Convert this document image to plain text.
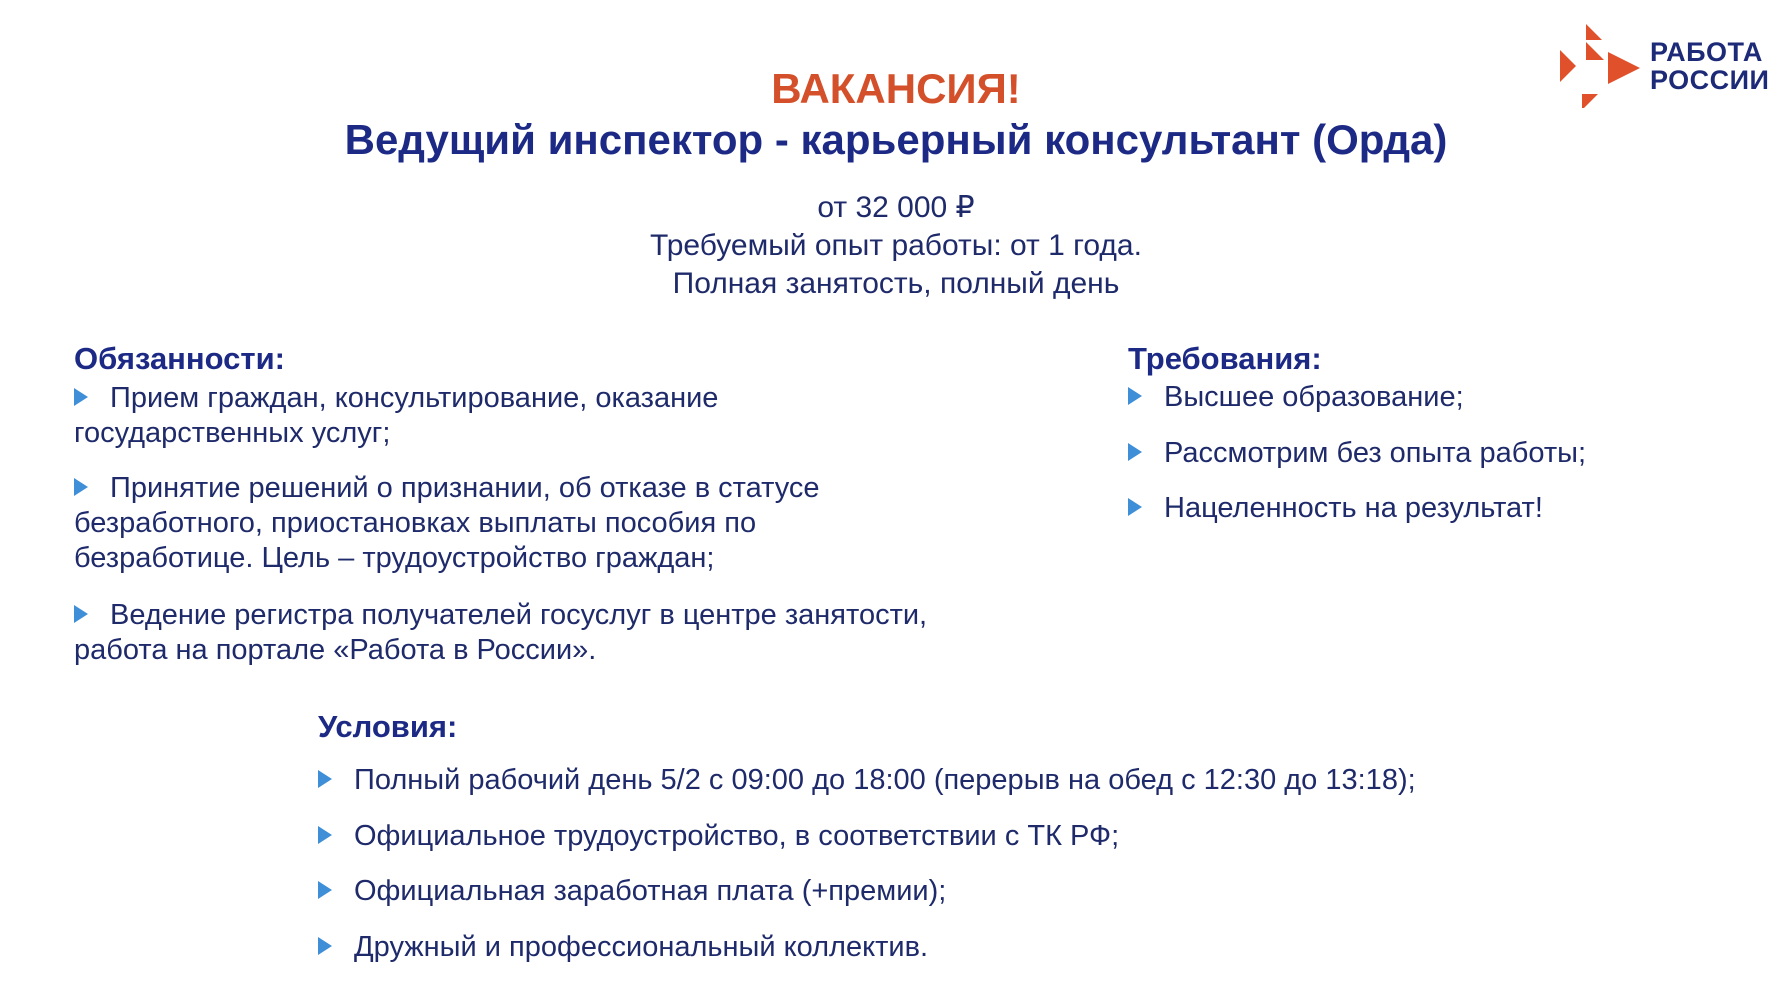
РАБОТА
РОССИИ
ВАКАНСИЯ!
Ведущий инспектор - карьерный консультант (Орда)
от 32 000 ₽
Требуемый опыт работы: от 1 года.
Полная занятость, полный день
Обязанности:
Прием граждан, консультирование, оказание
государственных услуг;
Принятие решений о признании, об отказе в статусе
безработного, приостановках выплаты пособия по
безработице. Цель – трудоустройство граждан;
Ведение регистра получателей госуслуг в центре занятости,
работа на портале «Работа в России».
Требования:
Высшее образование;
Рассмотрим без опыта работы;
Нацеленность на результат!
Условия:
Полный рабочий день 5/2 с 09:00 до 18:00 (перерыв на обед с 12:30 до 13:18);
Официальное трудоустройство, в соответствии с ТК РФ;
Официальная заработная плата (+премии);
Дружный и профессиональный коллектив.
